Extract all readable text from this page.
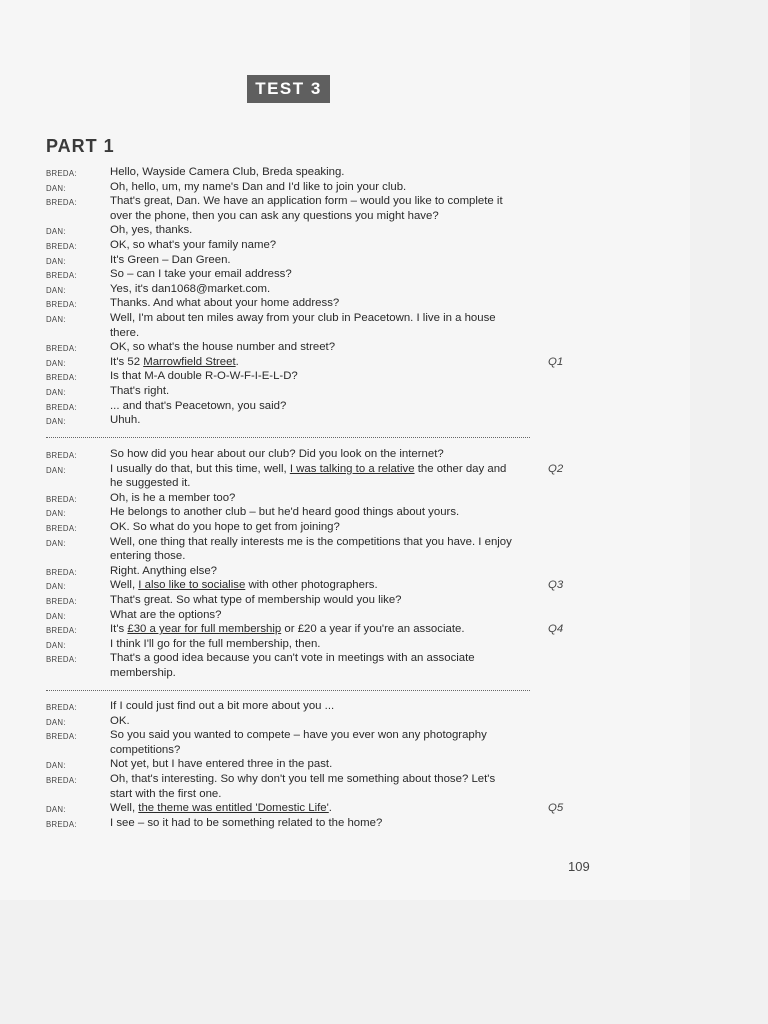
TEST 3
PART 1
109
BREDA:	Hello, Wayside Camera Club, Breda speaking.
DAN:	Oh, hello, um, my name's Dan and I'd like to join your club.
BREDA:	That's great, Dan. We have an application form – would you like to complete it
over the phone, then you can ask any questions you might have?
DAN:	Oh, yes, thanks.
BREDA:	OK, so what's your family name?
DAN:	It's Green – Dan Green.
BREDA:	So – can I take your email address?
DAN:	Yes, it's dan1068@market.com.
BREDA:	Thanks. And what about your home address?
DAN:	Well, I'm about ten miles away from your club in Peacetown. I live in a house
there.
BREDA:	OK, so what's the house number and street?
DAN:	It's 52 Marrowfield Street.	Q1
BREDA:	Is that M-A double R-O-W-F-I-E-L-D?
DAN:	That's right.
BREDA:	... and that's Peacetown, you said?
DAN:	Uhuh.
BREDA:	So how did you hear about our club? Did you look on the internet?
DAN:	I usually do that, but this time, well, I was talking to a relative the other day and	Q2
he suggested it.
BREDA:	Oh, is he a member too?
DAN:	He belongs to another club – but he'd heard good things about yours.
BREDA:	OK. So what do you hope to get from joining?
DAN:	Well, one thing that really interests me is the competitions that you have. I enjoy
entering those.
BREDA:	Right. Anything else?
DAN:	Well, I also like to socialise with other photographers.	Q3
BREDA:	That's great. So what type of membership would you like?
DAN:	What are the options?
BREDA:	It's £30 a year for full membership or £20 a year if you're an associate.	Q4
DAN:	I think I'll go for the full membership, then.
BREDA:	That's a good idea because you can't vote in meetings with an associate
membership.
BREDA:	If I could just find out a bit more about you ...
DAN:	OK.
BREDA:	So you said you wanted to compete – have you ever won any photography
competitions?
DAN:	Not yet, but I have entered three in the past.
BREDA:	Oh, that's interesting. So why don't you tell me something about those? Let's
start with the first one.
DAN:	Well, the theme was entitled 'Domestic Life'.	Q5
BREDA:	I see – so it had to be something related to the home?
